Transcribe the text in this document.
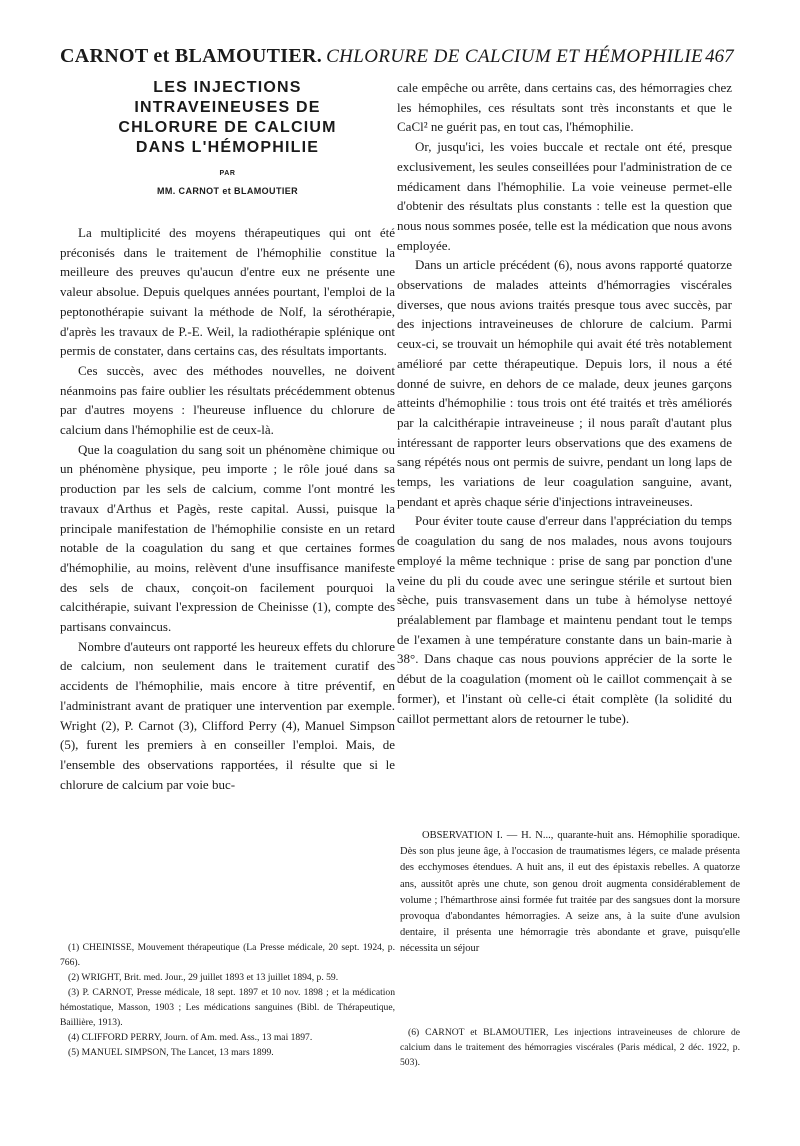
CARNOT et BLAMOUTIER. CHLORURE DE CALCIUM ET HÉMOPHILIE 467
LES INJECTIONS
INTRAVEINEUSES DE
CHLORURE DE CALCIUM
DANS L'HÉMOPHILIE
PAR
MM. CARNOT et BLAMOUTIER

La multiplicité des moyens thérapeutiques qui ont été préconisés dans le traitement de l'hémophilie constitue la meilleure des preuves qu'aucun d'entre eux ne présente une valeur absolue. Depuis quelques années pourtant, l'emploi de la peptonothérapie suivant la méthode de Nolf, la sérothérapie, d'après les travaux de P.-E. Weil, la radiothérapie splénique ont permis de constater, dans certains cas, des résultats importants.

Ces succès, avec des méthodes nouvelles, ne doivent néanmoins pas faire oublier les résultats précédemment obtenus par d'autres moyens : l'heureuse influence du chlorure de calcium dans l'hémophilie est de ceux-là.

Que la coagulation du sang soit un phénomène chimique ou un phénomène physique, peu importe ; le rôle joué dans sa production par les sels de calcium, comme l'ont montré les travaux d'Arthus et Pagès, reste capital. Aussi, puisque la principale manifestation de l'hémophilie consiste en un retard notable de la coagulation du sang et que certaines formes d'hémophilie, au moins, relèvent d'une insuffisance manifeste des sels de chaux, conçoit-on facilement pourquoi la calcithérapie, suivant l'expression de Cheinisse (1), compte des partisans convaincus.

Nombre d'auteurs ont rapporté les heureux effets du chlorure de calcium, non seulement dans le traitement curatif des accidents de l'hémophilie, mais encore à titre préventif, en l'administrant avant de pratiquer une intervention par exemple. Wright (2), P. Carnot (3), Clifford Perry (4), Manuel Simpson (5), furent les premiers à en conseiller l'emploi. Mais, de l'ensemble des observations rapportées, il résulte que si le chlorure de calcium par voie buc-

cale empêche ou arrête, dans certains cas, des hémorragies chez les hémophiles, ces résultats sont très inconstants et que le CaCl² ne guérit pas, en tout cas, l'hémophilie.

Or, jusqu'ici, les voies buccale et rectale ont été, presque exclusivement, les seules conseillées pour l'administration de ce médicament dans l'hémophilie. La voie veineuse permet-elle d'obtenir des résultats plus constants : telle est la question que nous nous sommes posée, telle est la médication que nous avons employée.

Dans un article précédent (6), nous avons rapporté quatorze observations de malades atteints d'hémorragies viscérales diverses, que nous avions traités presque tous avec succès, par des injections intraveineuses de chlorure de calcium. Parmi ceux-ci, se trouvait un hémophile qui avait été très notablement amélioré par cette thérapeutique. Depuis lors, il nous a été donné de suivre, en dehors de ce malade, deux jeunes garçons atteints d'hémophilie : tous trois ont été traités et très améliorés par la calcithérapie intraveineuse ; il nous paraît d'autant plus intéressant de rapporter leurs observations que des examens de sang répétés nous ont permis de suivre, pendant un long laps de temps, les variations de leur coagulation sanguine, avant, pendant et après chaque série d'injections intraveineuses.

Pour éviter toute cause d'erreur dans l'appréciation du temps de coagulation du sang de nos malades, nous avons toujours employé la même technique : prise de sang par ponction d'une veine du pli du coude avec une seringue stérile et surtout bien sèche, puis transvasement dans un tube à hémolyse nettoyé préalablement par flambage et maintenu pendant tout le temps de l'examen à une température constante dans un bain-marie à 38°. Dans chaque cas nous pouvions apprécier de la sorte le début de la coagulation (moment où le caillot commençait à se former), et l'instant où celle-ci était complète (la solidité du caillot permettant alors de retourner le tube).

OBSERVATION I. — H. N..., quarante-huit ans. Hémophilie sporadique. Dès son plus jeune âge, à l'occasion de traumatismes légers, ce malade présenta des ecchymoses étendues. A huit ans, il eut des épistaxis rebelles. A quatorze ans, aussitôt après une chute, son genou droit augmenta considérablement de volume ; l'hémarthrose ainsi formée fut traitée par des sangsues dont la morsure provoqua d'abondantes hémorragies. A seize ans, à la suite d'une avulsion dentaire, il présenta une hémorragie très abondante et grave, puisqu'elle nécessita un séjour

(1) CHEINISSE, Mouvement thérapeutique (La Presse médicale, 20 sept. 1924, p. 766).

(2) WRIGHT, Brit. med. Jour., 29 juillet 1893 et 13 juillet 1894, p. 59.

(3) P. CARNOT, Presse médicale, 18 sept. 1897 et 10 nov. 1898 ; et la médication hémostatique, Masson, 1903 ; Les médications sanguines (Bibl. de Thérapeutique, Baillière, 1913).

(4) CLIFFORD PERRY, Journ. of Am. med. Ass., 13 mai 1897.

(5) MANUEL SIMPSON, The Lancet, 13 mars 1899.

(6) CARNOT et BLAMOUTIER, Les injections intraveineuses de chlorure de calcium dans le traitement des hémorragies viscérales (Paris médical, 2 déc. 1922, p. 503).
